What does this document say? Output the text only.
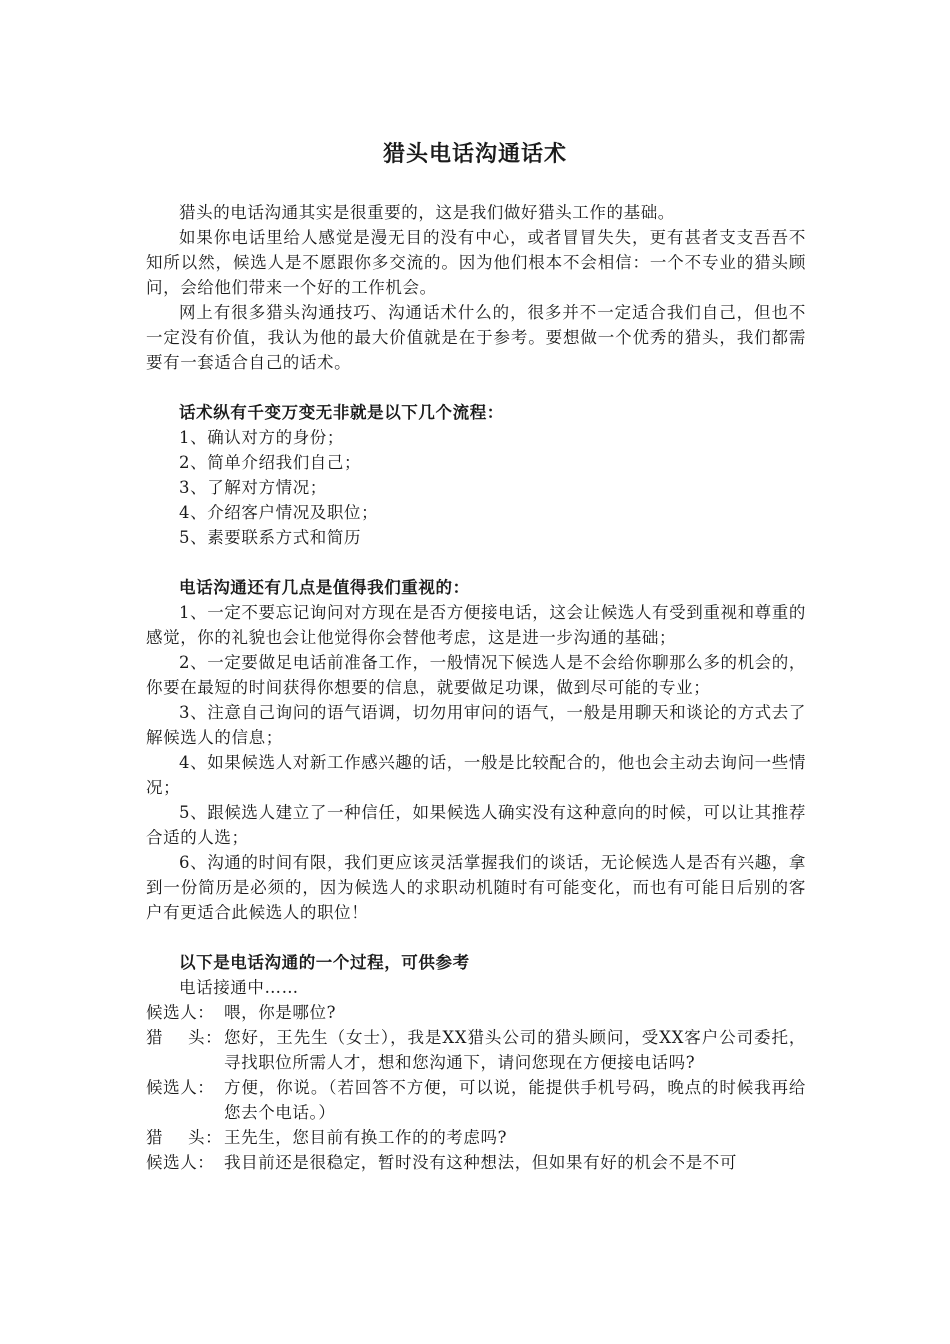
猎头电话沟通话术

猎头的电话沟通其实是很重要的，这是我们做好猎头工作的基础。

如果你电话里给人感觉是漫无目的没有中心，或者冒冒失失，更有甚者支支吾吾不知所以然，候选人是不愿跟你多交流的。因为他们根本不会相信：一个不专业的猎头顾问，会给他们带来一个好的工作机会。

网上有很多猎头沟通技巧、沟通话术什么的，很多并不一定适合我们自己，但也不一定没有价值，我认为他的最大价值就是在于参考。要想做一个优秀的猎头，我们都需要有一套适合自己的话术。

话术纵有千变万变无非就是以下几个流程：

1、确认对方的身份；

2、简单介绍我们自己；

3、了解对方情况；

4、介绍客户情况及职位；

5、素要联系方式和简历

电话沟通还有几点是值得我们重视的：

1、一定不要忘记询问对方现在是否方便接电话，这会让候选人有受到重视和尊重的感觉，你的礼貌也会让他觉得你会替他考虑，这是进一步沟通的基础；

2、一定要做足电话前准备工作，一般情况下候选人是不会给你聊那么多的机会的，你要在最短的时间获得你想要的信息，就要做足功课，做到尽可能的专业；

3、注意自己询问的语气语调，切勿用审问的语气，一般是用聊天和谈论的方式去了解候选人的信息；

4、如果候选人对新工作感兴趣的话，一般是比较配合的，他也会主动去询问一些情况；

5、跟候选人建立了一种信任，如果候选人确实没有这种意向的时候，可以让其推荐合适的人选；

6、沟通的时间有限，我们更应该灵活掌握我们的谈话，无论候选人是否有兴趣，拿到一份简历是必须的，因为候选人的求职动机随时有可能变化，而也有可能日后别的客户有更适合此候选人的职位！

以下是电话沟通的一个过程，可供参考

电话接通中……

候选人： 喂，你是哪位?
猎 头： 您好，王先生（女士），我是XX猎头公司的猎头顾问，受XX客户公司委托，寻找职位所需人才，想和您沟通下，请问您现在方便接电话吗?
候选人： 方便，你说。（若回答不方便，可以说，能提供手机号码，晚点的时候我再给您去个电话。）
猎 头： 王先生，您目前有换工作的的考虑吗?
候选人： 我目前还是很稳定，暂时没有这种想法，但如果有好的机会不是不可
